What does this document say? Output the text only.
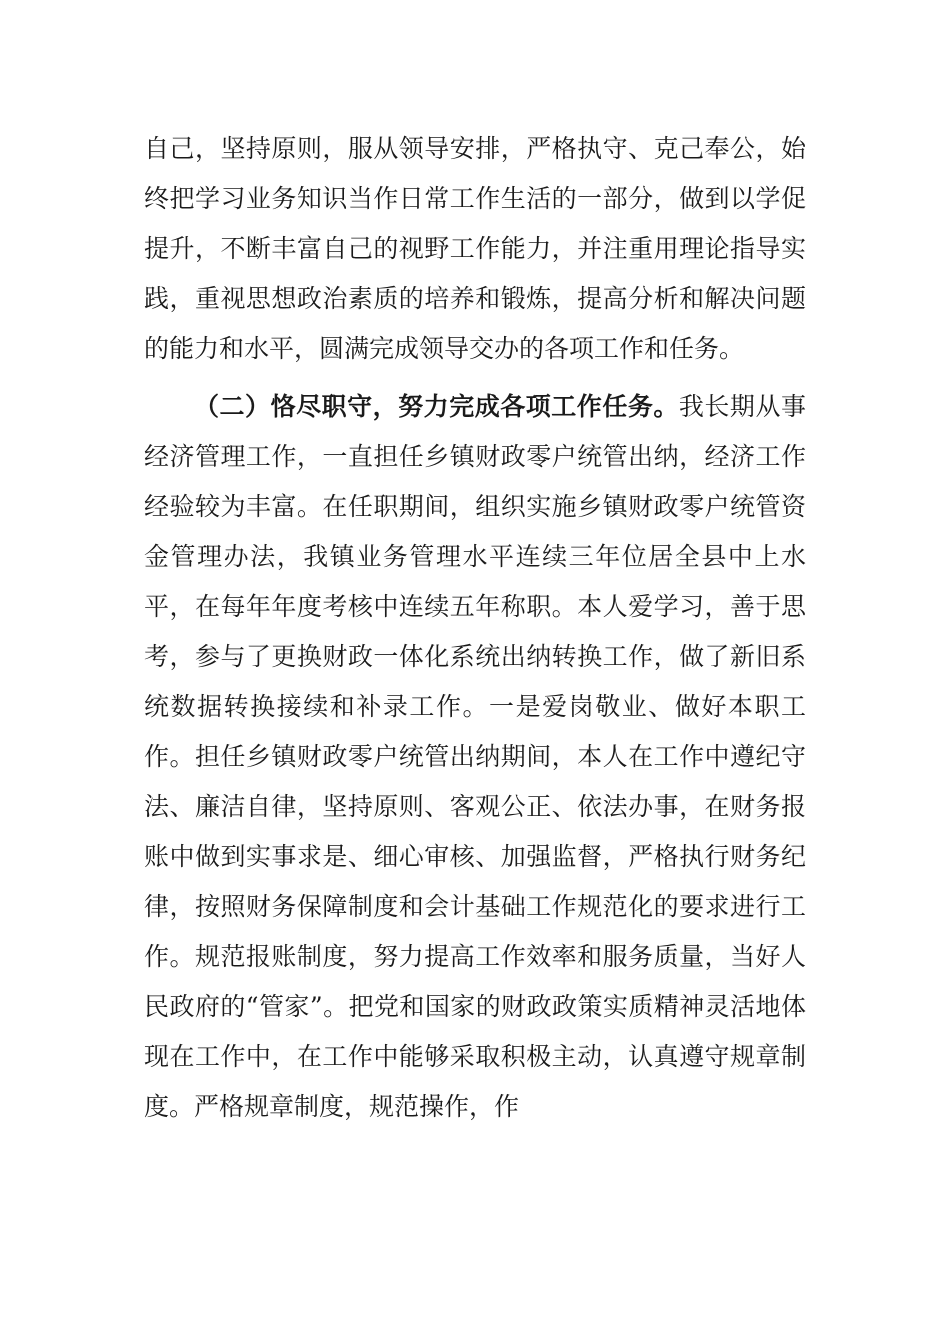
自己，坚持原则，服从领导安排，严格执守、克己奉公，始终把学习业务知识当作日常工作生活的一部分，做到以学促提升，不断丰富自己的视野工作能力，并注重用理论指导实践，重视思想政治素质的培养和锻炼，提高分析和解决问题的能力和水平，圆满完成领导交办的各项工作和任务。

（二）恪尽职守，努力完成各项工作任务。我长期从事经济管理工作，一直担任乡镇财政零户统管出纳，经济工作经验较为丰富。在任职期间，组织实施乡镇财政零户统管资金管理办法，我镇业务管理水平连续三年位居全县中上水平，在每年年度考核中连续五年称职。本人爱学习，善于思考，参与了更换财政一体化系统出纳转换工作，做了新旧系统数据转换接续和补录工作。一是爱岗敬业、做好本职工作。担任乡镇财政零户统管出纳期间，本人在工作中遵纪守法、廉洁自律，坚持原则、客观公正、依法办事，在财务报账中做到实事求是、细心审核、加强监督，严格执行财务纪律，按照财务保障制度和会计基础工作规范化的要求进行工作。规范报账制度，努力提高工作效率和服务质量，当好人民政府的“管家”。把党和国家的财政政策实质精神灵活地体现在工作中，在工作中能够采取积极主动，认真遵守规章制度。严格规章制度，规范操作，作
